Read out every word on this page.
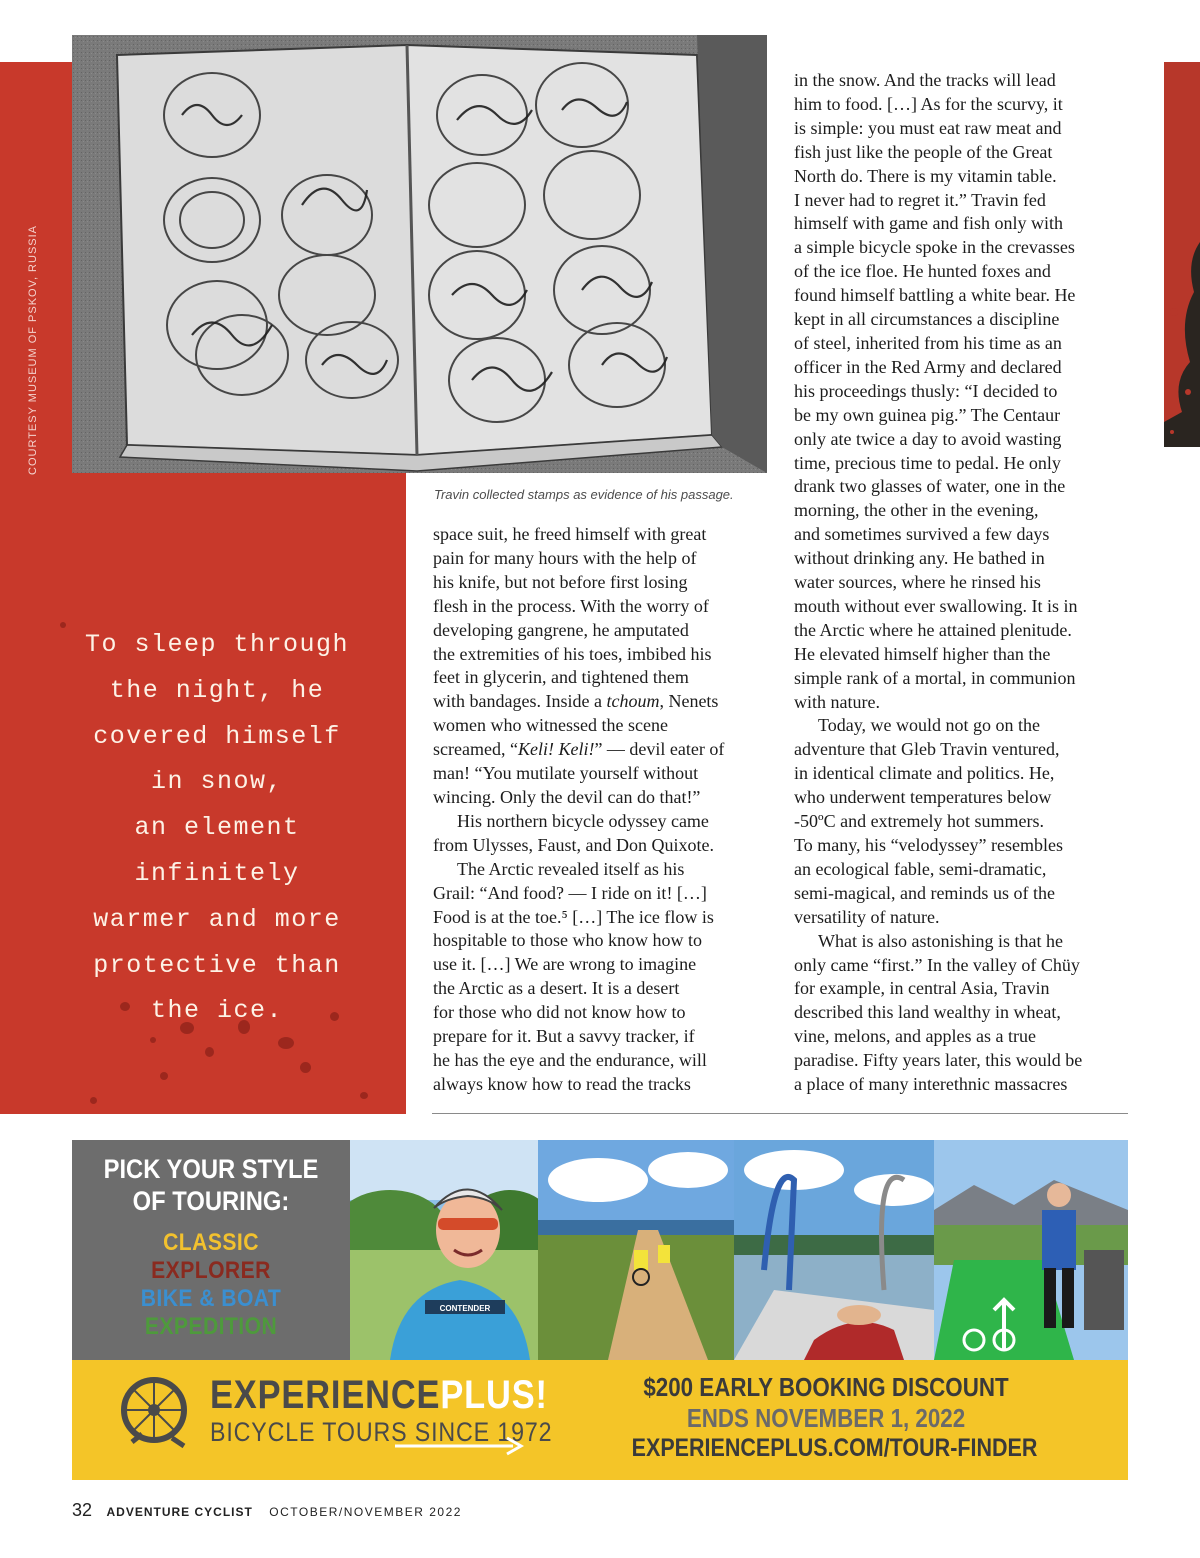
COURTESY MUSEUM OF PSKOV, RUSSIA
Travin collected stamps as evidence of his passage.
To sleep through
the night, he
covered himself
in snow,
an element
infinitely
warmer and more
protective than
the ice.
space suit, he freed himself with great
pain for many hours with the help of
his knife, but not before first losing
flesh in the process. With the worry of
developing gangrene, he amputated
the extremities of his toes, imbibed his
feet in glycerin, and tightened them
with bandages. Inside a tchoum, Nenets
women who witnessed the scene
screamed, “Keli! Keli!” — devil eater of
man! “You mutilate yourself without
wincing. Only the devil can do that!”
His northern bicycle odyssey came
from Ulysses, Faust, and Don Quixote.
The Arctic revealed itself as his
Grail: “And food? — I ride on it! […]
Food is at the toe.⁵ […] The ice flow is
hospitable to those who know how to
use it. […] We are wrong to imagine
the Arctic as a desert. It is a desert
for those who did not know how to
prepare for it. But a savvy tracker, if
he has the eye and the endurance, will
always know how to read the tracks
in the snow. And the tracks will lead
him to food. […] As for the scurvy, it
is simple: you must eat raw meat and
fish just like the people of the Great
North do. There is my vitamin table.
I never had to regret it.” Travin fed
himself with game and fish only with
a simple bicycle spoke in the crevasses
of the ice floe. He hunted foxes and
found himself battling a white bear. He
kept in all circumstances a discipline
of steel, inherited from his time as an
officer in the Red Army and declared
his proceedings thusly: “I decided to
be my own guinea pig.” The Centaur
only ate twice a day to avoid wasting
time, precious time to pedal. He only
drank two glasses of water, one in the
morning, the other in the evening,
and sometimes survived a few days
without drinking any. He bathed in
water sources, where he rinsed his
mouth without ever swallowing. It is in
the Arctic where he attained plenitude.
He elevated himself higher than the
simple rank of a mortal, in communion
with nature.
Today, we would not go on the
adventure that Gleb Travin ventured,
in identical climate and politics. He,
who underwent temperatures below
-50ºC and extremely hot summers.
To many, his “velodyssey” resembles
an ecological fable, semi-dramatic,
semi-magical, and reminds us of the
versatility of nature.
What is also astonishing is that he
only came “first.” In the valley of Chüy
for example, in central Asia, Travin
described this land wealthy in wheat,
vine, melons, and apples as a true
paradise. Fifty years later, this would be
a place of many interethnic massacres
PICK YOUR STYLE
OF TOURING:
CLASSIC
EXPLORER
BIKE & BOAT
EXPEDITION
CONTENDER
EXPERIENCEPLUS!
BICYCLE TOURS SINCE 1972
$200 EARLY BOOKING DISCOUNT
ENDS NOVEMBER 1, 2022
EXPERIENCEPLUS.COM/TOUR-FINDER
32 ADVENTURE CYCLIST OCTOBER/NOVEMBER 2022
